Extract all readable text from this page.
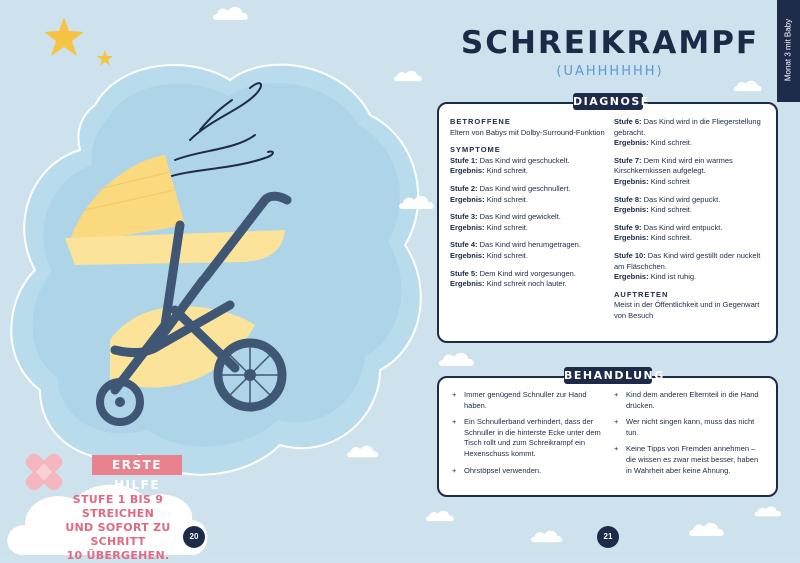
ERSTE HILFE
STUFE 1 BIS 9 STREICHEN
UND SOFORT ZU SCHRITT
10 ÜBERGEHEN.
20
Monat 3 mit Baby
SCHREIKRAMPF
(UAHHHHHH)
DIAGNOSE

BETROFFENE

Eltern von Babys mit Dolby-Surround-Funktion

SYMPTOME

Stufe 1: Das Kind wird geschuckelt.
Ergebnis: Kind schreit.

Stufe 2: Das Kind wird geschnullert.
Ergebnis: Kind schreit.

Stufe 3: Das Kind wird gewickelt.
Ergebnis: Kind schreit.

Stufe 4: Das Kind wird herumgetragen.
Ergebnis: Kind schreit.

Stufe 5: Dem Kind wird vorgesungen.
Ergebnis: Kind schreit noch lauter.

Stufe 6: Das Kind wird in die Fliegerstellung gebracht.
Ergebnis: Kind schreit.

Stufe 7: Dem Kind wird ein warmes Kirschkernkissen aufgelegt.
Ergebnis: Kind schreit

Stufe 8: Das Kind wird gepuckt.
Ergebnis: Kind schreit.

Stufe 9: Das Kind wird entpuckt.
Ergebnis: Kind schreit.

Stufe 10: Das Kind wird gestillt oder nuckelt am Fläschchen.
Ergebnis: Kind ist ruhig.

AUFTRETEN

Meist in der Öffentlichkeit und in Gegenwart von Besuch

BEHANDLUNG
+ Immer genügend Schnuller zur Hand haben.
+ Ein Schnullerband verhindert, dass der Schnuller in die hinterste Ecke unter dem Tisch rollt und zum Schreikrampf ein Hexenschuss kommt.
+ Ohrstöpsel verwenden.
+ Kind dem anderen Elternteil in die Hand drücken.
+ Wer nicht singen kann, muss das nicht tun.
+ Keine Tipps von Fremden annehmen – die wissen es zwar meist besser, haben in Wahrheit aber keine Ahnung.
21
